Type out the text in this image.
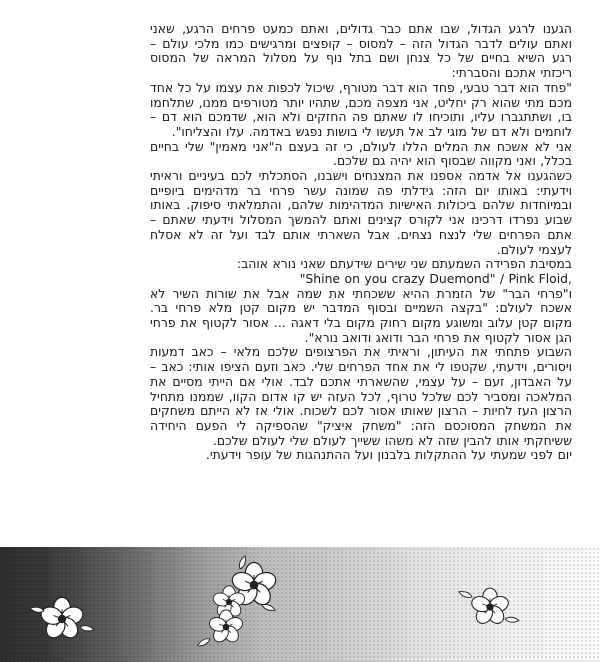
הגענו לרגע הגדול, שבו אתם כבר גדולים, ואתם כמעט פרחים הרגע, שאני ואתם עולים לדבר הגדול הזה – למסוס – קופצים ומרגישים כמו מלכי עולם – רגע השיא בחיים של כל צנחן ושם בתל נוף על מסלול המראה של המסוס ריכזתי אתכם והסברתי:

"פחד הוא דבר טבעי, פחד הוא דבר מטורף, שיכול לכפות את עצמו על כל אחד מכם מתי שהוא רק יחליט, אני מצפה מכם, שתהיו יותר מטורפים ממנו, שתלחמו בו, ושתתגברו עליו, ותוכיחו לו שאתם פה החזקים ולא הוא, שדמכם הוא דם – לוחמים ולא דם של מוגי לב אל תעשו לי בושות נפגש באדמה. עלו והצליחו".

אני לא אשכח את המלים הללו לעולם, כי זה בעצם ה"אני מאמין" שלי בחיים בכלל, ואני מקווה שבסוף הוא יהיה גם שלכם.

כשהגענו אל אדמה אספנו את המצנחים וישבנו, הסתכלתי לכם בעיניים וראיתי וידעתי: באותו יום הזה: גידלתי פה שמונה עשר פרחי בר מדהימים ביופיים ובמיוחדות שלהם ביכולות האישיות המדהימות שלהם, והתמלאתי סיפוק. באותו שבוע נפרדו דרכינו אני לקורס קצינים ואתם להמשך המסלול וידעתי שאתם – אתם הפרחים שלי לנצח נצחים. אבל השארתי אותם לבד ועל זה לא אסלח לעצמי לעולם.

במסיבת הפרידה השמעתם שני שירים שידעתם שאני נורא אוהב:

"Shine on you crazy Duemond" / Pink Floid,

ו"פרחי הבר" של הזמרת ההיא ששכחתי את שמה אבל את שורות השיר לא אשכח לעולם: "בקצה השמיים ובסוף המדבר יש מקום קטן מלא פרחי בר. מקום קטן עלוב ומשוגע מקום רחוק מקום בלי דאגה ... אסור לקטוף את פרחי הגן אסור לקטוף את פרחי הבר ודואג ודואב נורא".

השבוע פתחתי את העיתון, וראיתי את הפרצופים שלכם מלאי – כאב דמעות ויסורים, וידעתי, שקטפו לי את אחד הפרחים שלי. כאב וזעם הציפו אותי: כאב – על האבדון, זעם – על עצמי, שהשארתי אתכם לבד. אולי אם הייתי מסיים את המלאכה ומסביר לכם שלכל טרוף, לכל העזה יש קו אדום הקוו, שממנו מתחיל הרצון העז לחיות – הרצון שאותו אסור לכם לשכוח. אולי אז לא הייתם משחקים את המשחק המסוכסם הזה: "משחק איציק" שהספיקה לי הפעם היחידה ששיחקתי אותו להבין שזה לא משהו ששייך לעולם שלי לעולם שלכם.

יום לפני שמעתי על ההתקלות בלבנון ועל ההתנהגות של עופר וידעתי.
